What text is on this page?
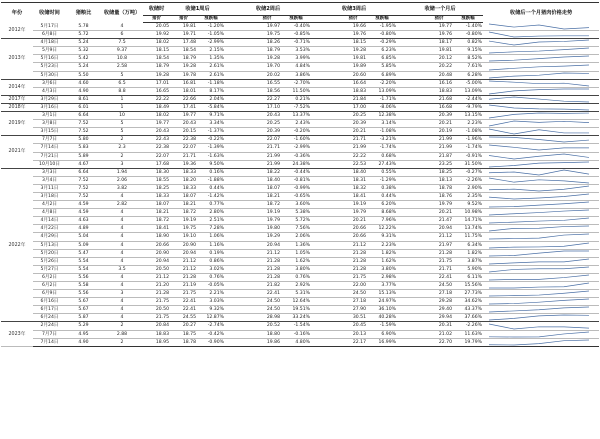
年份	收储时间	猪粮比	收储量（万吨）	收储时	收储1周后		收储2周后			收储3周后			收储一个月后			收储后一个月猪肉价格走势
				猪价	猪价	涨跌幅		猪价	涨跌幅		猪价	涨跌幅		猪价	涨跌幅	
2012年	5月17日	5.78	4	20.05	19.81	-1.20%		19.97	-0.40%		19.66	-1.95%		19.77	-1.40%	

	6月8日	5.72	6	19.92	19.71	-1.05%		19.75	-0.85%		19.76	-0.80%		19.76	-0.80%	

2013年	4月18日	5.24	7.5	18.02	17.48	-2.99%		18.26	-0.71%		18.15	-0.29%		18.17	0.82%	

	5月9日	5.32	9.37	18.15	18.54	2.15%		18.79	3.53%		19.28	6.23%		19.81	9.15%	

	5月16日	5.42	10.8	18.54	18.79	1.35%		19.28	3.99%		19.81	6.85%		20.12	8.52%	

	5月23日	5.24	2.58	18.79	19.28	2.61%		19.70	4.84%		19.89	5.85%		20.22	7.61%	

	5月30日	5.50	5	19.28	19.78	2.61%		20.02	3.86%		20.60	6.89%		20.48	6.28%	

2014年	3月6日	4.60	6.5	17.01	16.81	-1.18%		16.55	-2.70%		16.64	-2.20%		16.16	-5.00%	

	4月3日	4.90	8.8	16.65	18.01	8.17%		18.56	11.50%		18.83	13.09%		18.83	13.09%	

2017年	3月29日	8.61	1	22.22	22.66	2.04%		22.27	0.21%		21.84	-1.71%		21.68	-2.44%	

2018年	3月16日	6.01	1	18.49	17.41	-5.84%		17.10	-7.52%		17.00	-8.06%		16.68	-9.79%	

2019年	3月1日	6.64	10	18.02	19.77	9.71%		20.43	13.37%		20.25	12.38%		20.39	13.15%	

	3月8日	7.52	5	19.77	20.43	3.34%		20.25	2.43%		20.39	3.14%		20.21	2.23%	

	3月15日	7.52	5	20.43	20.15	-1.37%		20.39	-0.20%		20.21	-1.08%		20.19	-1.08%	

2021年	7月7日	5.80	2	22.43	22.38	-0.22%		22.07	-1.60%		21.71	-3.21%		21.99	-1.96%	

	7月14日	5.83	2.3	22.38	22.07	-1.39%		21.71	-2.99%		21.99	-1.74%		21.99	-1.74%	

	7月21日	5.89	2	22.07	21.71	-1.63%		21.99	-0.36%		22.22	0.68%		21.87	-0.91%	

	10月10日	4.67	3	17.68	19.36	9.50%		21.99	24.38%		22.53	27.43%		23.25	31.50%	

2022年	3月3日	6.64	1.94	18.30	18.33	0.16%		18.22	-0.44%		18.40	0.55%		18.25	-0.27%	

	3月4日	7.52	2.06	18.55	18.20	-1.88%		18.40	-0.81%		18.31	-1.29%		18.13	-2.26%	

	3月11日	7.52	3.82	18.25	18.33	0.44%		18.07	-0.99%		18.32	0.38%		18.78	2.90%	

	3月18日	7.52	4	18.33	18.07	-1.42%		18.21	-0.65%		18.41	0.44%		18.76	2.35%	

	4月2日	4.59	2.82	18.07	18.21	0.77%		18.72	3.60%		19.19	6.20%		19.79	9.52%	

	4月8日	4.59	4	18.21	18.72	2.80%		19.19	5.38%		19.79	8.68%		20.21	10.98%	

	4月14日	4.63	4	18.72	19.19	2.51%		19.79	5.72%		20.21	7.96%		21.47	14.71%	

	4月22日	4.89	4	18.41	19.75	7.28%		19.80	7.56%		20.66	12.22%		20.94	13.74%	

	4月29日	5.04	4	18.90	19.10	1.06%		19.29	2.06%		20.66	9.31%		21.12	11.75%	

	5月13日	5.09	4	20.66	20.90	1.16%		20.94	1.36%		21.12	2.23%		21.97	6.34%	

	5月20日	5.47	4	20.90	20.94	0.19%		21.12	1.05%		21.28	1.82%		21.28	1.82%	

	5月26日	5.54	4	20.94	21.12	0.86%		21.28	1.62%		21.28	1.62%		21.75	3.87%	

	5月27日	5.54	3.5	20.50	21.12	3.02%		21.28	3.80%		21.28	3.80%		21.71	5.90%	

	6月2日	5.56	4	21.12	21.28	0.76%		21.28	0.76%		21.75	2.98%		22.41	6.11%	

	6月2日	5.58	4	21.20	21.19	-0.05%		21.82	2.92%		22.00	3.77%		24.50	15.56%	

	6月9日	5.56	3	21.28	21.75	2.21%		22.41	5.31%		24.50	15.13%		27.18	27.73%	

	6月16日	5.67	4	21.75	22.41	3.03%		24.50	12.64%		27.18	24.97%		29.28	34.62%	

	6月17日	5.67	4	20.50	22.41	9.32%		24.50	19.51%		27.90	36.10%		29.40	43.37%	

	6月24日	5.87	4	21.75	24.55	12.87%		28.98	33.24%		30.51	40.28%		29.94	37.66%	

2023年	2月24日	5.29	2	20.84	20.27	-2.74%		20.52	-1.54%		20.45	-1.59%		20.31	-2.26%	

	7月7日	4.95	2.88	18.83	18.75	-0.42%		18.80	-0.16%		20.13	6.90%		21.02	11.63%	

	7月14日	4.90	2	18.95	18.78	-0.90%		19.86	4.80%		22.17	16.99%		22.70	19.79%	
